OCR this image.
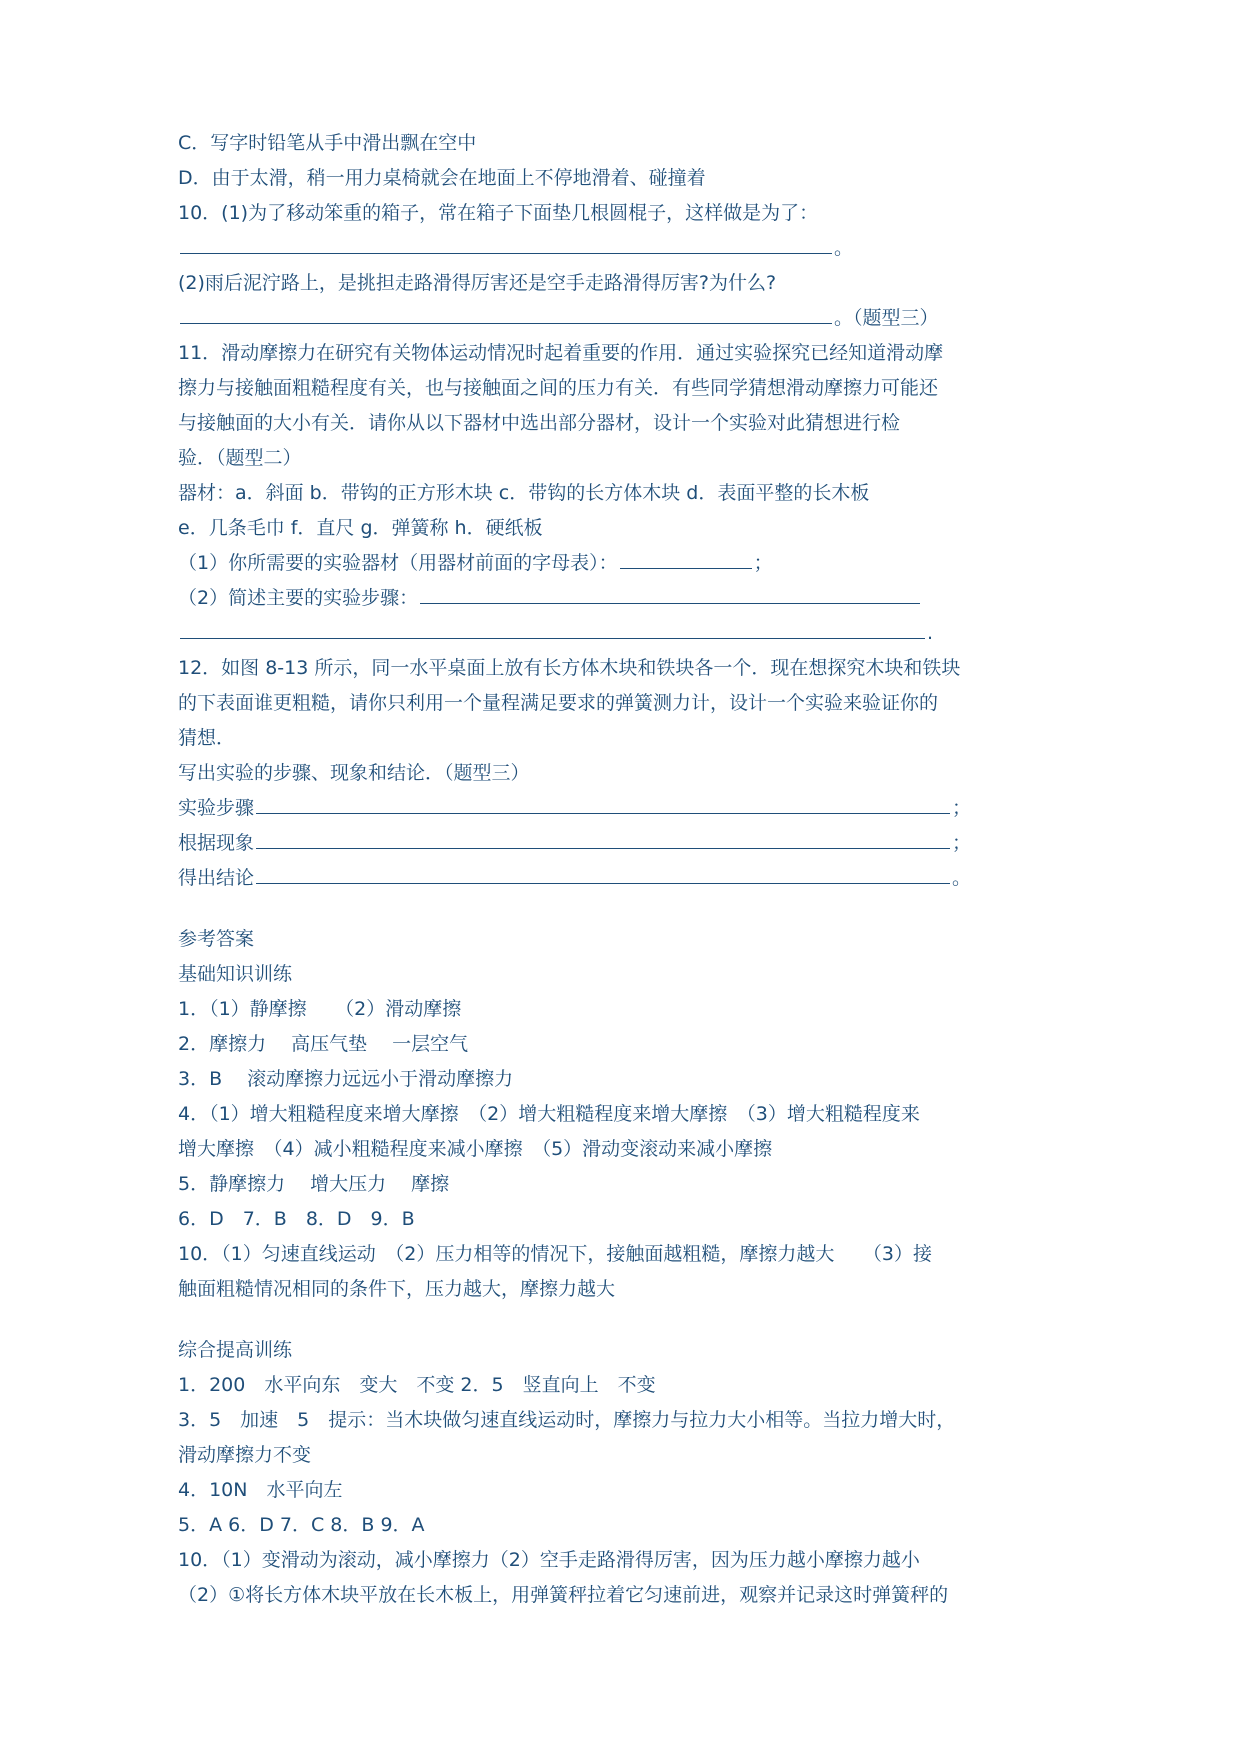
C．写字时铅笔从手中滑出飘在空中
D．由于太滑，稍一用力桌椅就会在地面上不停地滑着、碰撞着
10．(1)为了移动笨重的箱子，常在箱子下面垫几根圆棍子，这样做是为了：
。
(2)雨后泥泞路上，是挑担走路滑得厉害还是空手走路滑得厉害?为什么?
。（题型三）
11．滑动摩擦力在研究有关物体运动情况时起着重要的作用．通过实验探究已经知道滑动摩
擦力与接触面粗糙程度有关，也与接触面之间的压力有关．有些同学猜想滑动摩擦力可能还
与接触面的大小有关．请你从以下器材中选出部分器材，设计一个实验对此猜想进行检
验．（题型二）
器材：a．斜面 b．带钩的正方形木块 c．带钩的长方体木块 d．表面平整的长木板
e．几条毛巾 f．直尺 g．弹簧称 h．硬纸板
（1）你所需要的实验器材（用器材前面的字母表）：	；
（2）简述主要的实验步骤：
.
12．如图 8-13 所示，同一水平桌面上放有长方体木块和铁块各一个．现在想探究木块和铁块
的下表面谁更粗糙，请你只利用一个量程满足要求的弹簧测力计，设计一个实验来验证你的
猜想．
写出实验的步骤、现象和结论．（题型三）
实验步骤	；
根据现象	；
得出结论	。
参考答案
基础知识训练
1．（1）静摩擦　　（2）滑动摩擦
2．摩擦力　 高压气垫　 一层空气
3．B　 滚动摩擦力远远小于滑动摩擦力
4．（1）增大粗糙程度来增大摩擦　（2）增大粗糙程度来增大摩擦　（3）增大粗糙程度来
增大摩擦　（4）减小粗糙程度来减小摩擦　（5）滑动变滚动来减小摩擦
5．静摩擦力　 增大压力　 摩擦
6．D　7．B　8．D　9．B
10．（1）匀速直线运动　（2）压力相等的情况下，接触面越粗糙，摩擦力越大　　（3）接
触面粗糙情况相同的条件下，压力越大，摩擦力越大
综合提高训练
1．200　水平向东　变大　不变 2．5　竖直向上　不变
3．5　加速　5　提示：当木块做匀速直线运动时，摩擦力与拉力大小相等。当拉力增大时，
滑动摩擦力不变
4．10N　水平向左
5．A 6．D 7．C 8．B 9．A
10．（1）变滑动为滚动，减小摩擦力（2）空手走路滑得厉害，因为压力越小摩擦力越小
（2）①将长方体木块平放在长木板上，用弹簧秤拉着它匀速前进，观察并记录这时弹簧秤的
